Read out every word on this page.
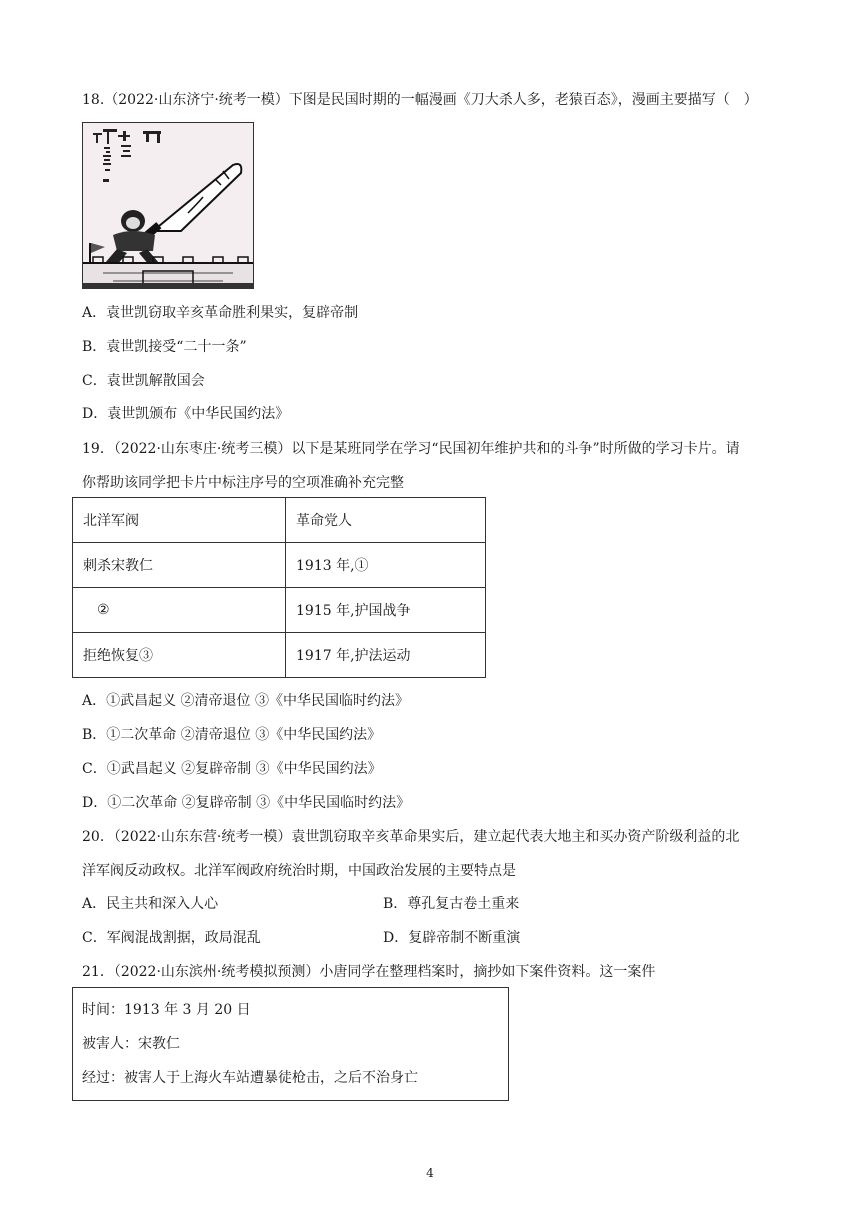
18.（2022·山东济宁·统考一模）下图是民国时期的一幅漫画《刀大杀人多，老猿百态》，漫画主要描写（　）
A．袁世凯窃取辛亥革命胜利果实，复辟帝制
B．袁世凯接受“二十一条”
C．袁世凯解散国会
D．袁世凯颁布《中华民国约法》
19．（2022·山东枣庄·统考三模）以下是某班同学在学习“民国初年维护共和的斗争”时所做的学习卡片。请
你帮助该同学把卡片中标注序号的空项准确补充完整
北洋军阀	革命党人
刺杀宋教仁	1913 年,①
②	1915 年,护国战争
拒绝恢复③	1917 年,护法运动
A．①武昌起义 ②清帝退位 ③《中华民国临时约法》
B．①二次革命 ②清帝退位 ③《中华民国约法》
C．①武昌起义 ②复辟帝制 ③《中华民国约法》
D．①二次革命 ②复辟帝制 ③《中华民国临时约法》
20．（2022·山东东营·统考一模）袁世凯窃取辛亥革命果实后，建立起代表大地主和买办资产阶级利益的北
洋军阀反动政权。北洋军阀政府统治时期，中国政治发展的主要特点是
A．民主共和深入人心	B．尊孔复古卷土重来
C．军阀混战割据，政局混乱	D．复辟帝制不断重演
21．（2022·山东滨州·统考模拟预测）小唐同学在整理档案时，摘抄如下案件资料。这一案件
时间：1913 年 3 月 20 日
被害人：宋教仁
经过：被害人于上海火车站遭暴徒枪击，之后不治身亡
4
